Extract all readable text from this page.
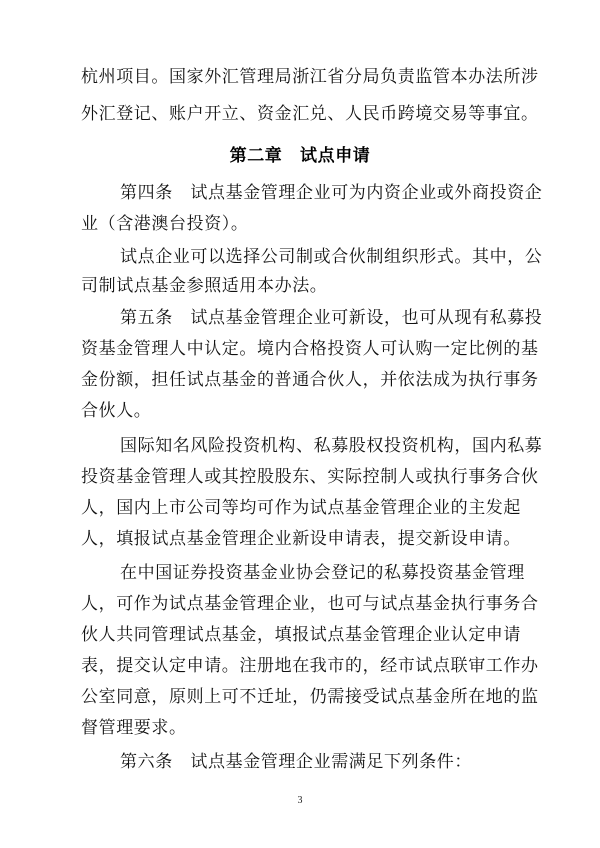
杭州项目。国家外汇管理局浙江省分局负责监管本办法所涉
外汇登记、账户开立、资金汇兑、人民币跨境交易等事宜。
第二章　试点申请
第四条　试点基金管理企业可为内资企业或外商投资企
业（含港澳台投资）。
试点企业可以选择公司制或合伙制组织形式。其中，公
司制试点基金参照适用本办法。
第五条　试点基金管理企业可新设，也可从现有私募投
资基金管理人中认定。境内合格投资人可认购一定比例的基
金份额，担任试点基金的普通合伙人，并依法成为执行事务
合伙人。
国际知名风险投资机构、私募股权投资机构，国内私募
投资基金管理人或其控股股东、实际控制人或执行事务合伙
人，国内上市公司等均可作为试点基金管理企业的主发起
人，填报试点基金管理企业新设申请表，提交新设申请。
在中国证券投资基金业协会登记的私募投资基金管理
人，可作为试点基金管理企业，也可与试点基金执行事务合
伙人共同管理试点基金，填报试点基金管理企业认定申请
表，提交认定申请。注册地在我市的，经市试点联审工作办
公室同意，原则上可不迁址，仍需接受试点基金所在地的监
督管理要求。
第六条　试点基金管理企业需满足下列条件：
3
